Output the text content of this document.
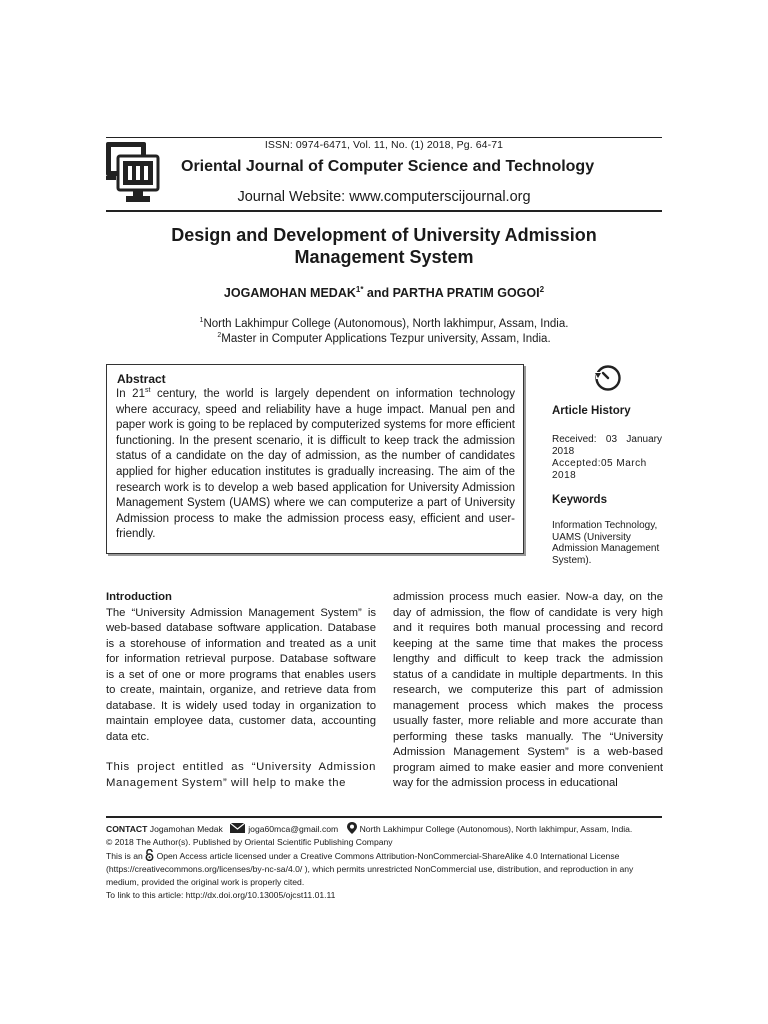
ISSN: 0974-6471, Vol. 11, No. (1) 2018, Pg. 64-71
Oriental Journal of Computer Science and Technology
Journal Website: www.computerscijournal.org
Design and Development of University Admission Management System
JOGAMOHAN $MEDAK^{1*}$ and PARTHA PRATIM GOGOI$^2$
$^1$North Lakhimpur College (Autonomous), North lakhimpur, Assam, India.
$^2$Master in Computer Applications Tezpur university, Assam, India.
Abstract
In 21st century, the world is largely dependent on information technology where accuracy, speed and reliability have a huge impact. Manual pen and paper work is going to be replaced by computerized systems for more efficient functioning. In the present scenario, it is difficult to keep track the admission status of a candidate on the day of admission, as the number of candidates applied for higher education institutes is gradually increasing. The aim of the research work is to develop a web based application for University Admission Management System (UAMS) where we can computerize a part of University Admission process to make the admission process easy, efficient and user-friendly.
Article History
Received: 03 January 2018
Accepted:05 March 2018
Keywords
Information Technology, UAMS (University Admission Management System).

Introduction

The “University Admission Management System” is web-based database software application. Database is a storehouse of information and treated as a unit for information retrieval purpose. Database software is a set of one or more programs that enables users to create, maintain, organize, and retrieve data from database. It is widely used today in organization to maintain employee data, customer data, accounting data etc.

This project entitled as “University Admission Management System” will help to make the

admission process much easier. Now-a day, on the day of admission, the flow of candidate is very high and it requires both manual processing and record keeping at the same time that makes the process lengthy and difficult to keep track the admission status of a candidate in multiple departments. In this research, we computerize this part of admission management process which makes the process usually faster, more reliable and more accurate than performing these tasks manually. The “University Admission Management System” is a web-based program aimed to make easier and more convenient way for the admission process in educational

CONTACT Jogamohan Medak	joga60mca@gmail.com North Lakhimpur College (Autonomous), North lakhimpur, Assam, India.
© 2018 The Author(s). Published by Oriental Scientific Publishing Company
This is an Open Access article licensed under a Creative Commons Attribution-NonCommercial-ShareAlike 4.0 International License (https://creativecommons.org/licenses/by-nc-sa/4.0/ ), which permits unrestricted NonCommercial use, distribution, and reproduction in any medium, provided the original work is properly cited.
To link to this article: http://dx.doi.org/10.13005/ojcst11.01.11
